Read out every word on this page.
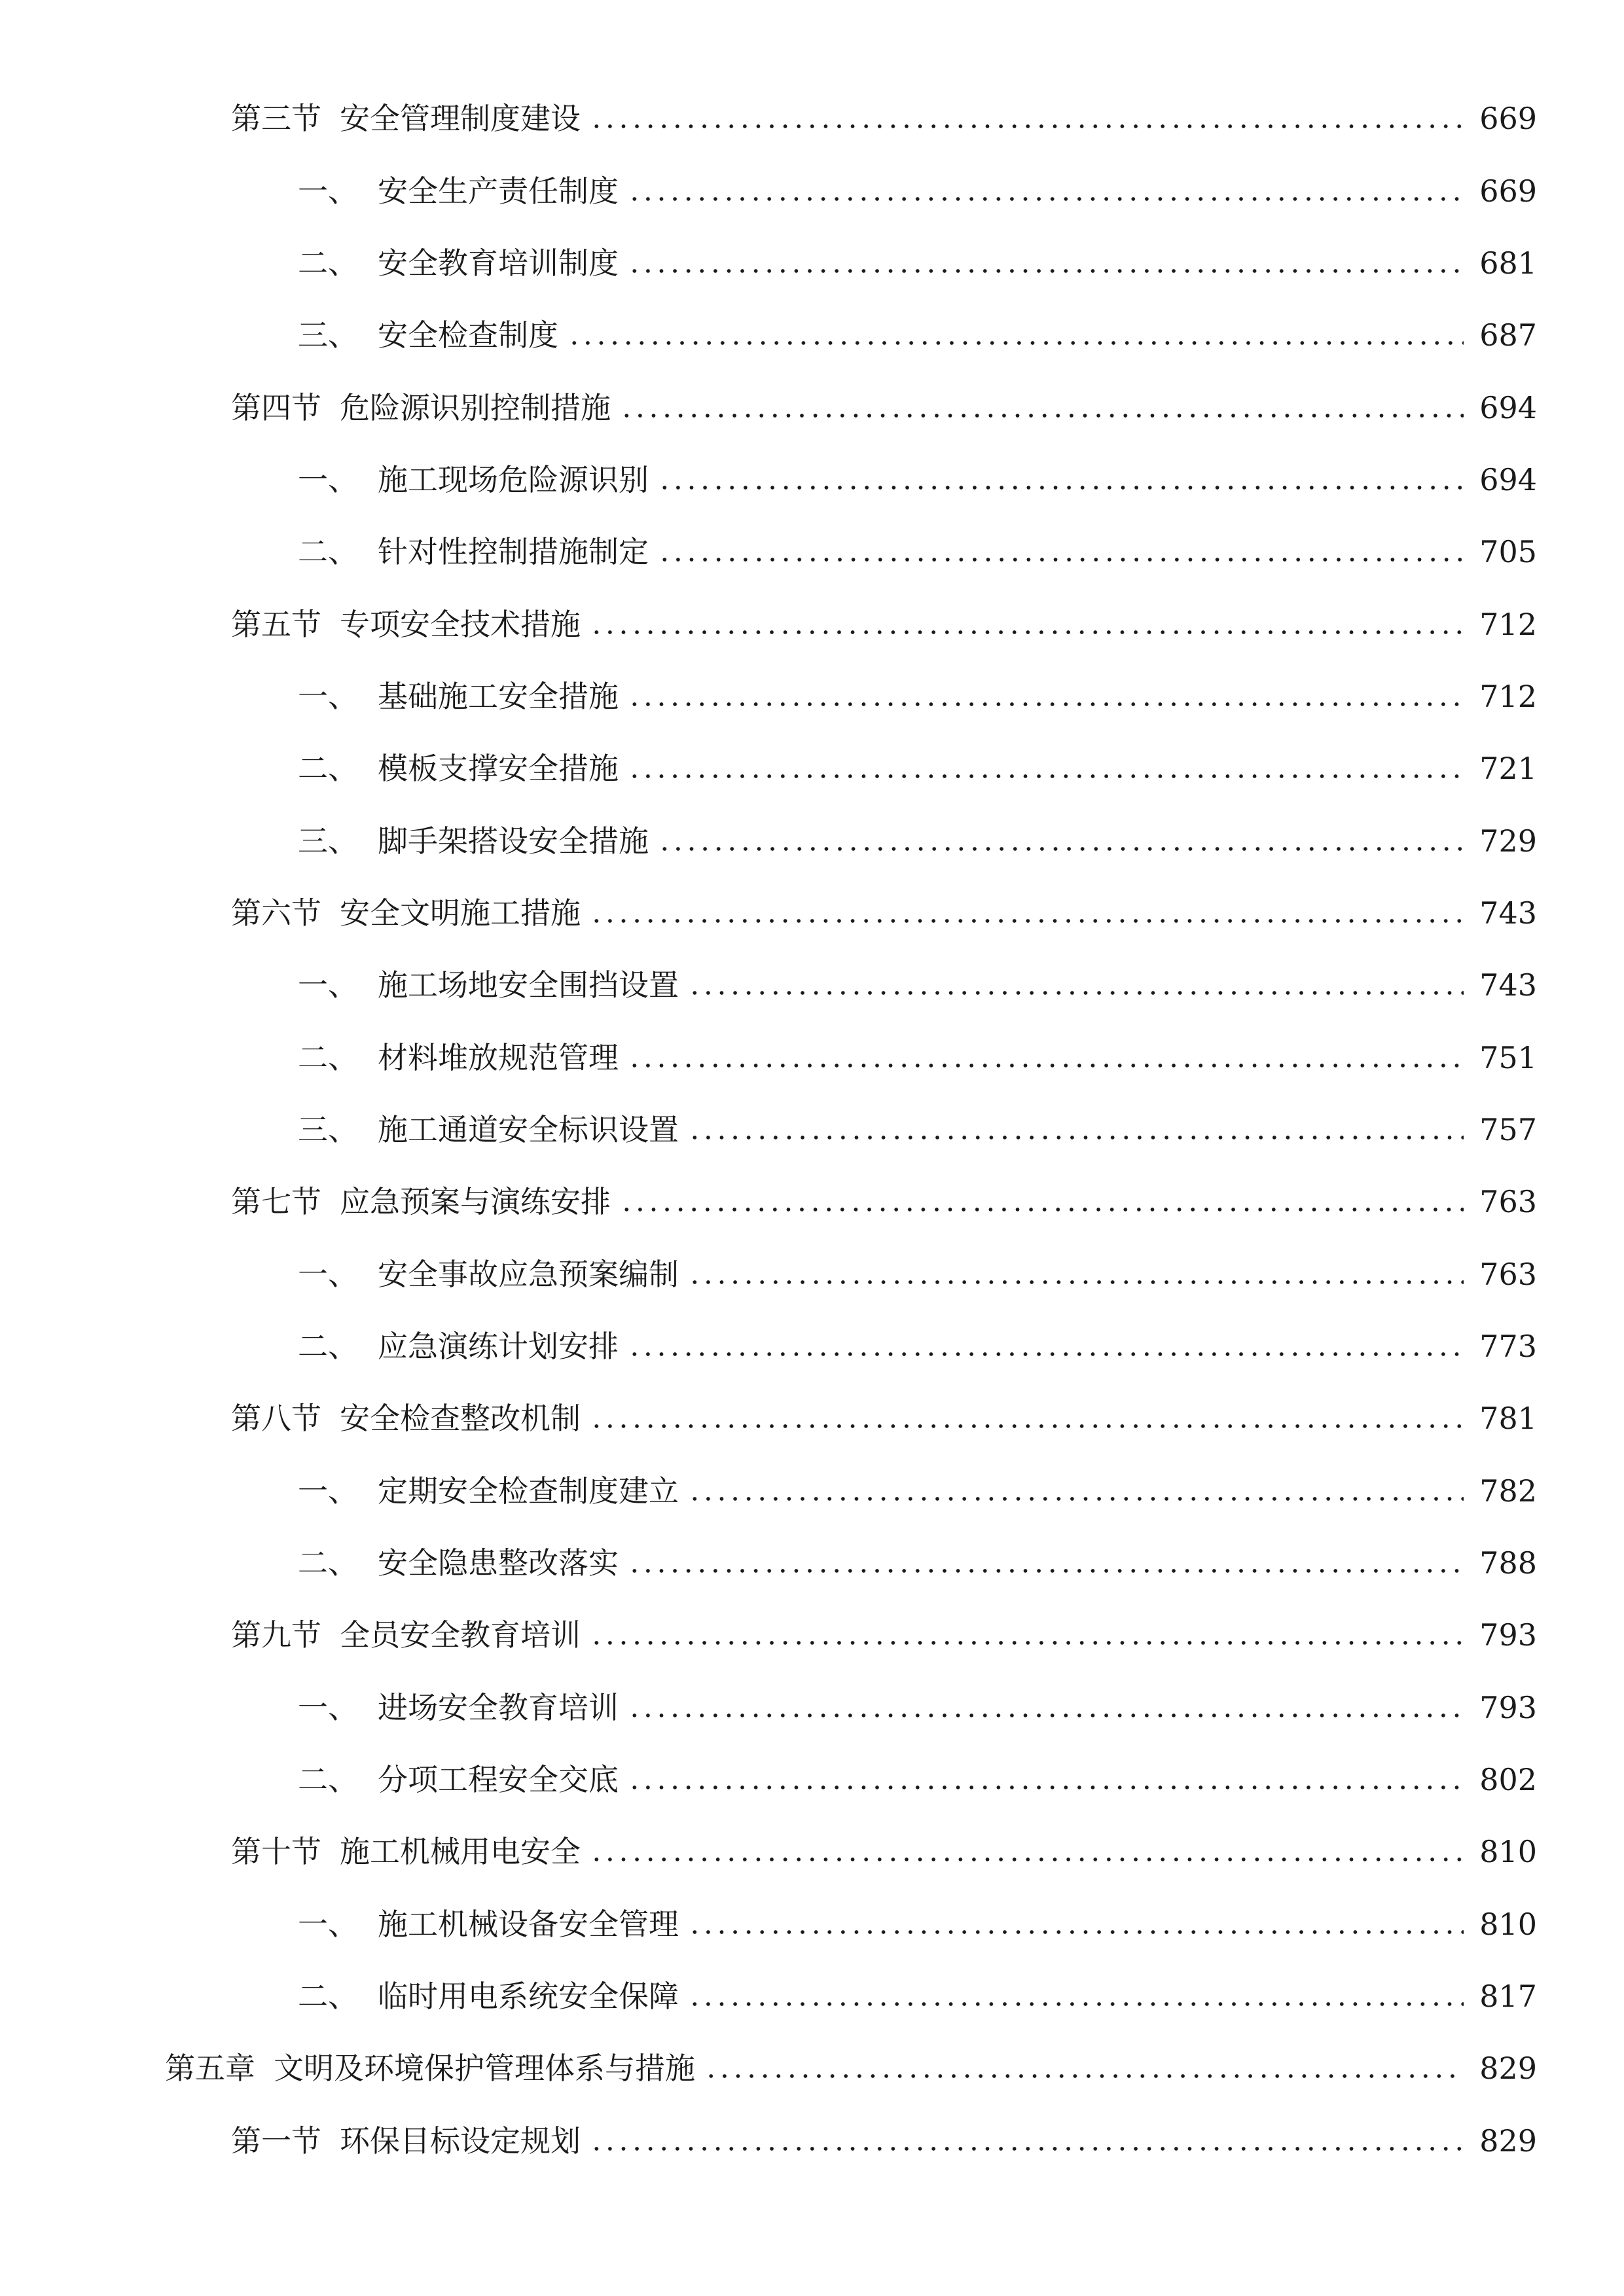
第三节 安全管理制度建设	669
一、 安全生产责任制度	669
二、 安全教育培训制度	681
三、 安全检查制度	687
第四节 危险源识别控制措施	694
一、 施工现场危险源识别	694
二、 针对性控制措施制定	705
第五节 专项安全技术措施	712
一、 基础施工安全措施	712
二、 模板支撑安全措施	721
三、 脚手架搭设安全措施	729
第六节 安全文明施工措施	743
一、 施工场地安全围挡设置	743
二、 材料堆放规范管理	751
三、 施工通道安全标识设置	757
第七节 应急预案与演练安排	763
一、 安全事故应急预案编制	763
二、 应急演练计划安排	773
第八节 安全检查整改机制	781
一、 定期安全检查制度建立	782
二、 安全隐患整改落实	788
第九节 全员安全教育培训	793
一、 进场安全教育培训	793
二、 分项工程安全交底	802
第十节 施工机械用电安全	810
一、 施工机械设备安全管理	810
二、 临时用电系统安全保障	817
第五章 文明及环境保护管理体系与措施	829
第一节 环保目标设定规划	829
